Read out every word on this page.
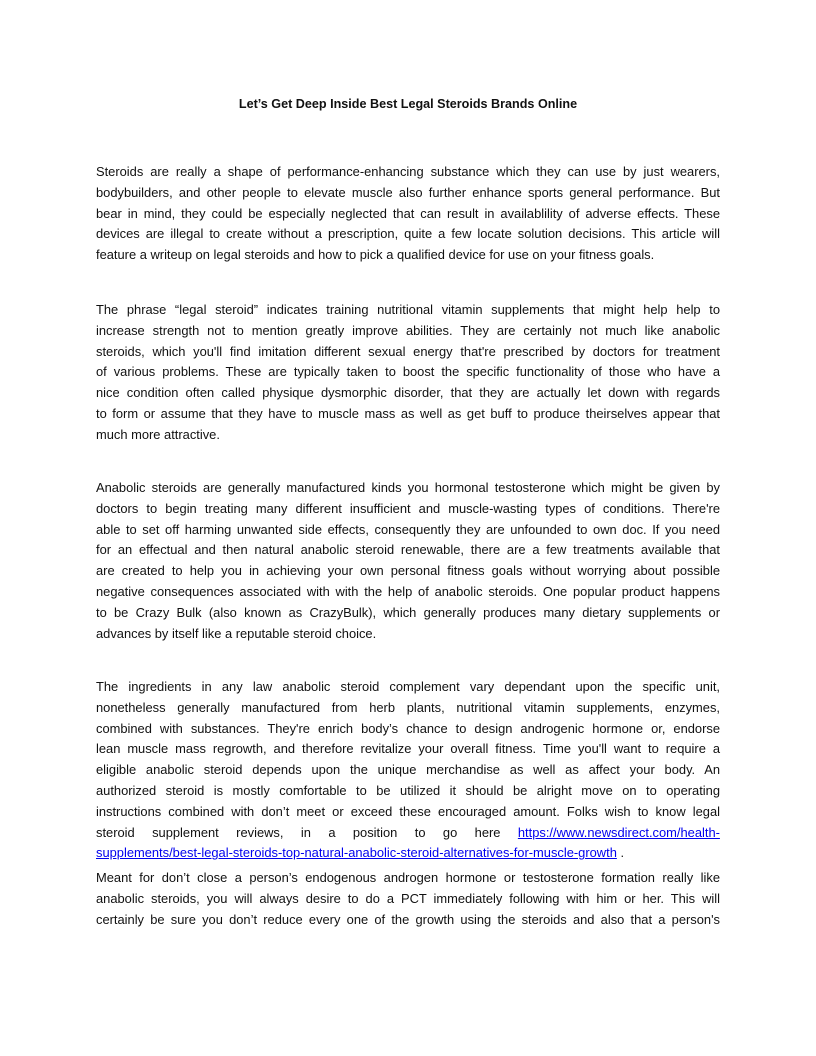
Let’s Get Deep Inside Best Legal Steroids Brands Online
Steroids are really a shape of performance-enhancing substance which they can use by just wearers,
bodybuilders, and other people to elevate muscle also further enhance sports general performance. But
bear in mind, they could be especially neglected that can result in availablility of adverse effects. These
devices are illegal to create without a prescription, quite a few locate solution decisions. This article will
feature a writeup on legal steroids and how to pick a qualified device for use on your fitness goals.
The phrase “legal steroid” indicates training nutritional vitamin supplements that might help help to
increase strength not to mention greatly improve abilities. They are certainly not much like anabolic
steroids, which you'll find imitation different sexual energy that're prescribed by doctors for treatment
of various problems. These are typically taken to boost the specific functionality of those who have a
nice condition often called physique dysmorphic disorder, that they are actually let down with regards
to form or assume that they have to muscle mass as well as get buff to produce theirselves appear that
much more attractive.
Anabolic steroids are generally manufactured kinds you hormonal testosterone which might be given by
doctors to begin treating many different insufficient and muscle-wasting types of conditions. There're
able to set off harming unwanted side effects, consequently they are unfounded to own doc. If you need
for an effectual and then natural anabolic steroid renewable, there are a few treatments available that
are created to help you in achieving your own personal fitness goals without worrying about possible
negative consequences associated with with the help of anabolic steroids. One popular product happens
to be Crazy Bulk (also known as CrazyBulk), which generally produces many dietary supplements or
advances by itself like a reputable steroid choice.
The ingredients in any law anabolic steroid complement vary dependant upon the specific unit,
nonetheless generally manufactured from herb plants, nutritional vitamin supplements, enzymes,
combined with substances. They're enrich body’s chance to design androgenic hormone or, endorse
lean muscle mass regrowth, and therefore revitalize your overall fitness. Time you'll want to require a
eligible anabolic steroid depends upon the unique merchandise as well as affect your body. An
authorized steroid is mostly comfortable to be utilized it should be alright move on to operating
instructions combined with don’t meet or exceed these encouraged amount. Folks wish to know legal
steroid supplement reviews, in a position to go here https://www.newsdirect.com/health-
supplements/best-legal-steroids-top-natural-anabolic-steroid-alternatives-for-muscle-growth .
Meant for don’t close a person’s endogenous androgen hormone or testosterone formation really like
anabolic steroids, you will always desire to do a PCT immediately following with him or her. This will
certainly be sure you don’t reduce every one of the growth using the steroids and also that a person's
